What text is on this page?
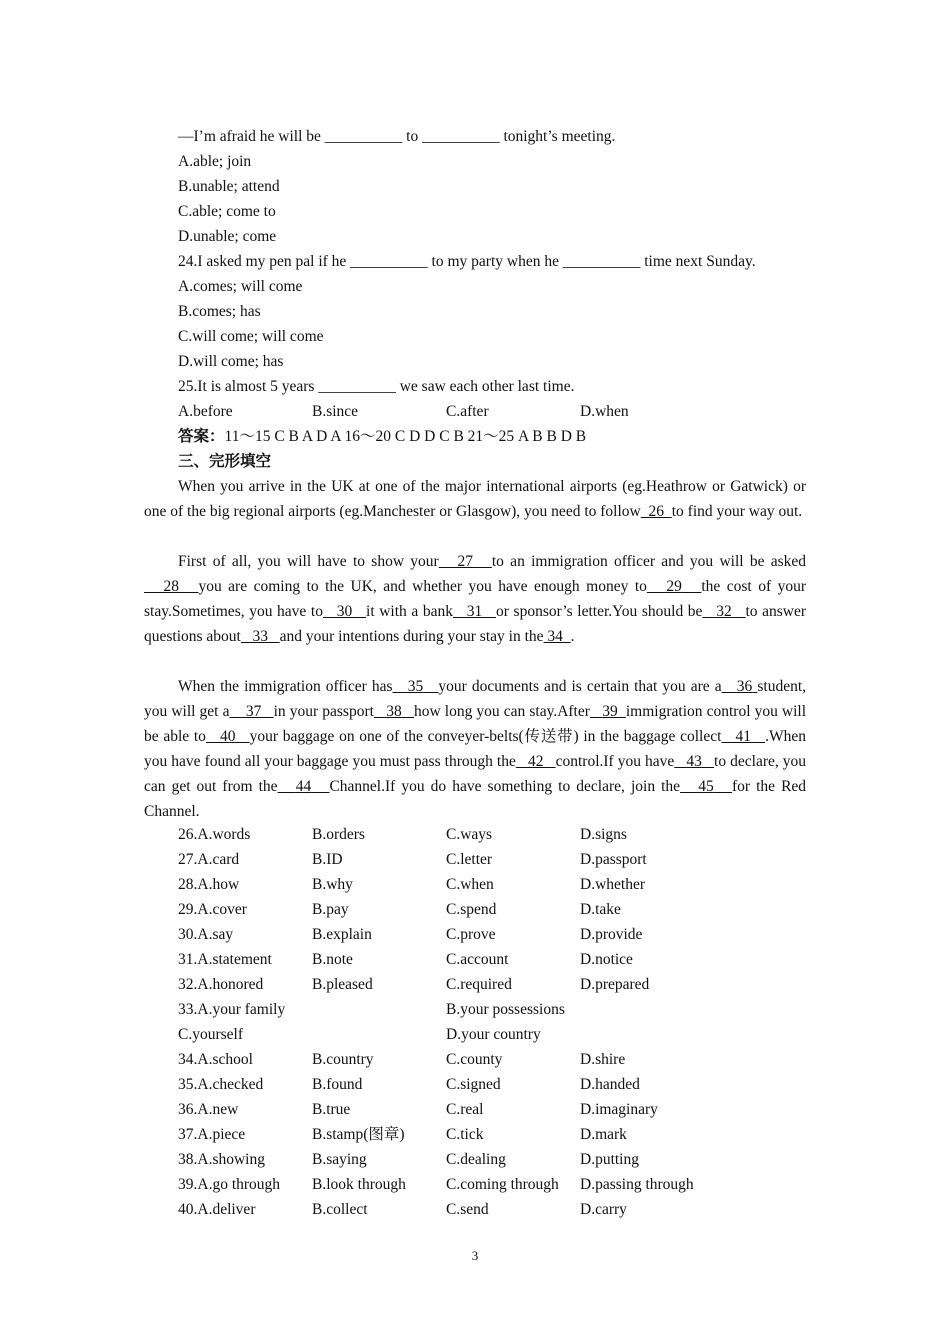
—I’m afraid he will be __________ to __________ tonight’s meeting.
A.able; join
B.unable; attend
C.able; come to
D.unable; come
24.I asked my pen pal if he __________ to my party when he __________ time next Sunday.
A.comes; will come
B.comes; has
C.will come; will come
D.will come; has
25.It is almost 5 years __________ we saw each other last time.
A.before	B.since	C.after	D.when
答案：11〜15 C B A D A 16〜20 C D D C B 21〜25 A B B D B
三、完形填空
When you arrive in the UK at one of the major international airports (eg.Heathrow or Gatwick) or one of the big regional airports (eg.Manchester or Glasgow), you need to follow 26 to find your way out.
First of all, you will have to show your 27 to an immigration officer and you will be asked   28 you are coming to the UK, and whether you have enough money to 29 the cost of your stay.Sometimes, you have to 30 it with a bank 31 or sponsor’s letter.You should be 32 to answer questions about 33 and your intentions during your stay in the 34 .
When the immigration officer has 35 your documents and is certain that you are a 36 student, you will get a 37 in your passport 38 how long you can stay.After 39 immigration control you will be able to 40 your baggage on one of the conveyer-belts(传送带) in the baggage collect 41 .When you have found all your baggage you must pass through the 42 control.If you have 43 to declare, you can get out from the 44 Channel.If you do have something to declare, join the 45 for the Red Channel.
26.A.words	B.orders	C.ways	D.signs
27.A.card	B.ID	C.letter	D.passport
28.A.how	B.why	C.when	D.whether
29.A.cover	B.pay	C.spend	D.take
30.A.say	B.explain	C.prove	D.provide
31.A.statement	B.note	C.account	D.notice
32.A.honored	B.pleased	C.required	D.prepared
33.A.your family	B.your possessions
C.yourself	D.your country
34.A.school	B.country	C.county	D.shire
35.A.checked	B.found	C.signed	D.handed
36.A.new	B.true	C.real	D.imaginary
37.A.piece	B.stamp(图章)	C.tick	D.mark
38.A.showing	B.saying	C.dealing	D.putting
39.A.go through B.look through	C.coming through D.passing through
40.A.deliver	B.collect	C.send	D.carry
3
